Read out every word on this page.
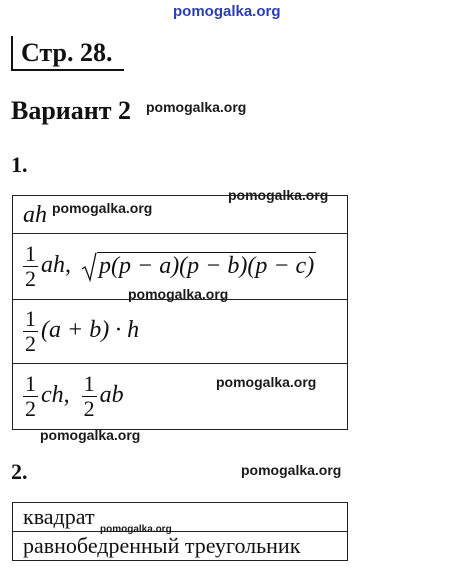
pomogalka.org
pomogalka.org
pomogalka.org
pomogalka.org
pomogalka.org
pomogalka.org
pomogalka.org
pomogalka.org
Стр. 28.
Вариант 2
1.
ah

$\frac{1}{2}$ ah, p(p − a)(p − b)(p − c)

$\frac{1}{2} (a + b) \cdot h$

$\frac{1}{2}$ ch, $\frac{1}{2}$ ab
2.
квадрат
равнобедренный треугольник
pomogalka.org
